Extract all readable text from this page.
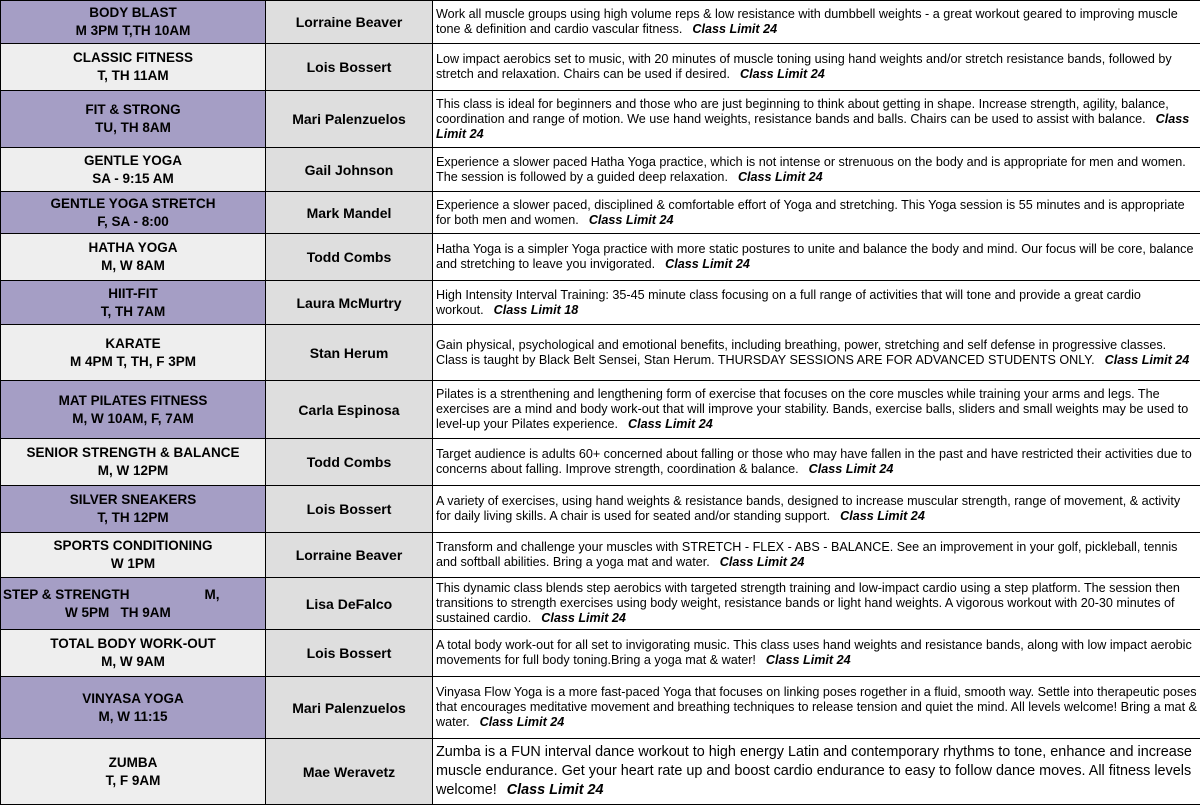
BODY BLAST
M 3PM T,TH 10AM	Lorraine Beaver	Work all muscle groups using high volume reps & low resistance with dumbbell weights - a great workout geared to improving muscle tone & definition and cardio vascular fitness. Class Limit 24

CLASSIC FITNESS
T, TH 11AM	Lois Bossert	Low impact aerobics set to music, with 20 minutes of muscle toning using hand weights and/or stretch resistance bands, followed by stretch and relaxation. Chairs can be used if desired. Class Limit 24

FIT & STRONG
TU, TH 8AM	Mari Palenzuelos	This class is ideal for beginners and those who are just beginning to think about getting in shape. Increase strength, agility, balance, coordination and range of motion. We use hand weights, resistance bands and balls. Chairs can be used to assist with balance. Class Limit 24

GENTLE YOGA
SA - 9:15 AM	Gail Johnson	Experience a slower paced Hatha Yoga practice, which is not intense or strenuous on the body and is appropriate for men and women. The session is followed by a guided deep relaxation. Class Limit 24

GENTLE YOGA STRETCH
F, SA - 8:00	Mark Mandel	Experience a slower paced, disciplined & comfortable effort of Yoga and stretching. This Yoga session is 55 minutes and is appropriate for both men and women. Class Limit 24

HATHA YOGA
M, W 8AM	Todd Combs	Hatha Yoga is a simpler Yoga practice with more static postures to unite and balance the body and mind. Our focus will be core, balance and stretching to leave you invigorated. Class Limit 24

HIIT-FIT
T, TH 7AM	Laura McMurtry	High Intensity Interval Training: 35-45 minute class focusing on a full range of activities that will tone and provide a great cardio workout. Class Limit 18

KARATE
M 4PM T, TH, F 3PM	Stan Herum	Gain physical, psychological and emotional benefits, including breathing, power, stretching and self defense in progressive classes. Class is taught by Black Belt Sensei, Stan Herum. THURSDAY SESSIONS ARE FOR ADVANCED STUDENTS ONLY. Class Limit 24

MAT PILATES FITNESS
M, W 10AM, F, 7AM	Carla Espinosa	Pilates is a strenthening and lengthening form of exercise that focuses on the core muscles while training your arms and legs. The exercises are a mind and body work-out that will improve your stability. Bands, exercise balls, sliders and small weights may be used to level-up your Pilates experience. Class Limit 24

SENIOR STRENGTH & BALANCE
M, W 12PM	Todd Combs	Target audience is adults 60+ concerned about falling or those who may have fallen in the past and have restricted their activities due to concerns about falling. Improve strength, coordination & balance. Class Limit 24

SILVER SNEAKERS
T, TH 12PM	Lois Bossert	A variety of exercises, using hand weights & resistance bands, designed to increase muscular strength, range of movement, & activity for daily living skills. A chair is used for seated and/or standing support. Class Limit 24

SPORTS CONDITIONING
W 1PM	Lorraine Beaver	Transform and challenge your muscles with STRETCH - FLEX - ABS - BALANCE. See an improvement in your golf, pickleball, tennis and softball abilities. Bring a yoga mat and water. Class Limit 24

STEP & STRENGTH                    M,
W 5PM   TH 9AM	Lisa DeFalco	This dynamic class blends step aerobics with targeted strength training and low-impact cardio using a step platform. The session then transitions to strength exercises using body weight, resistance bands or light hand weights. A vigorous workout with 20-30 minutes of sustained cardio. Class Limit 24

TOTAL BODY WORK-OUT
M, W 9AM	Lois Bossert	A total body work-out for all set to invigorating music. This class uses hand weights and resistance bands, along with low impact aerobic movements for full body toning.Bring a yoga mat & water! Class Limit 24

VINYASA YOGA
M, W 11:15	Mari Palenzuelos	Vinyasa Flow Yoga is a more fast-paced Yoga that focuses on linking poses rogether in a fluid, smooth way. Settle into therapeutic poses that encourages meditative movement and breathing techniques to release tension and quiet the mind. All levels welcome! Bring a mat & water. Class Limit 24

ZUMBA
T, F 9AM	Mae Weravetz	Zumba is a FUN interval dance workout to high energy Latin and contemporary rhythms to tone, enhance and increase muscle endurance. Get your heart rate up and boost cardio endurance to easy to follow dance moves. All fitness levels welcome! Class Limit 24
